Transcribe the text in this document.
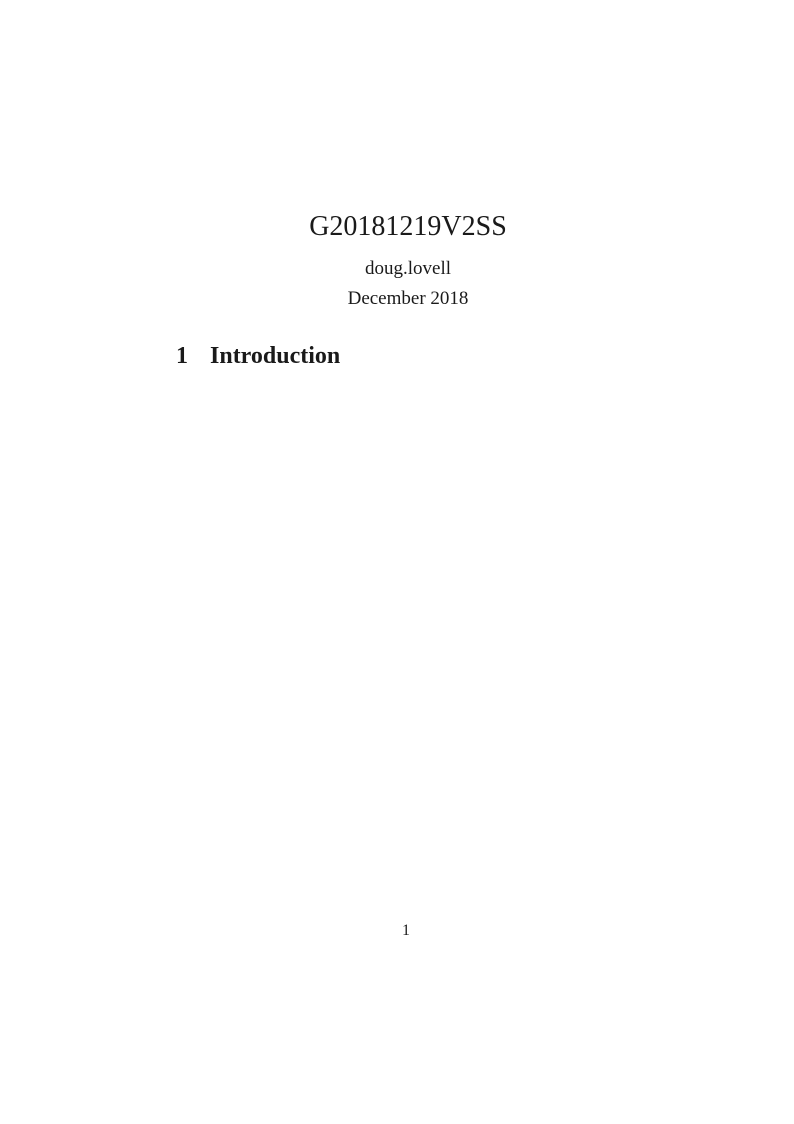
G20181219V2SS
doug.lovell
December 2018
1 Introduction
1
